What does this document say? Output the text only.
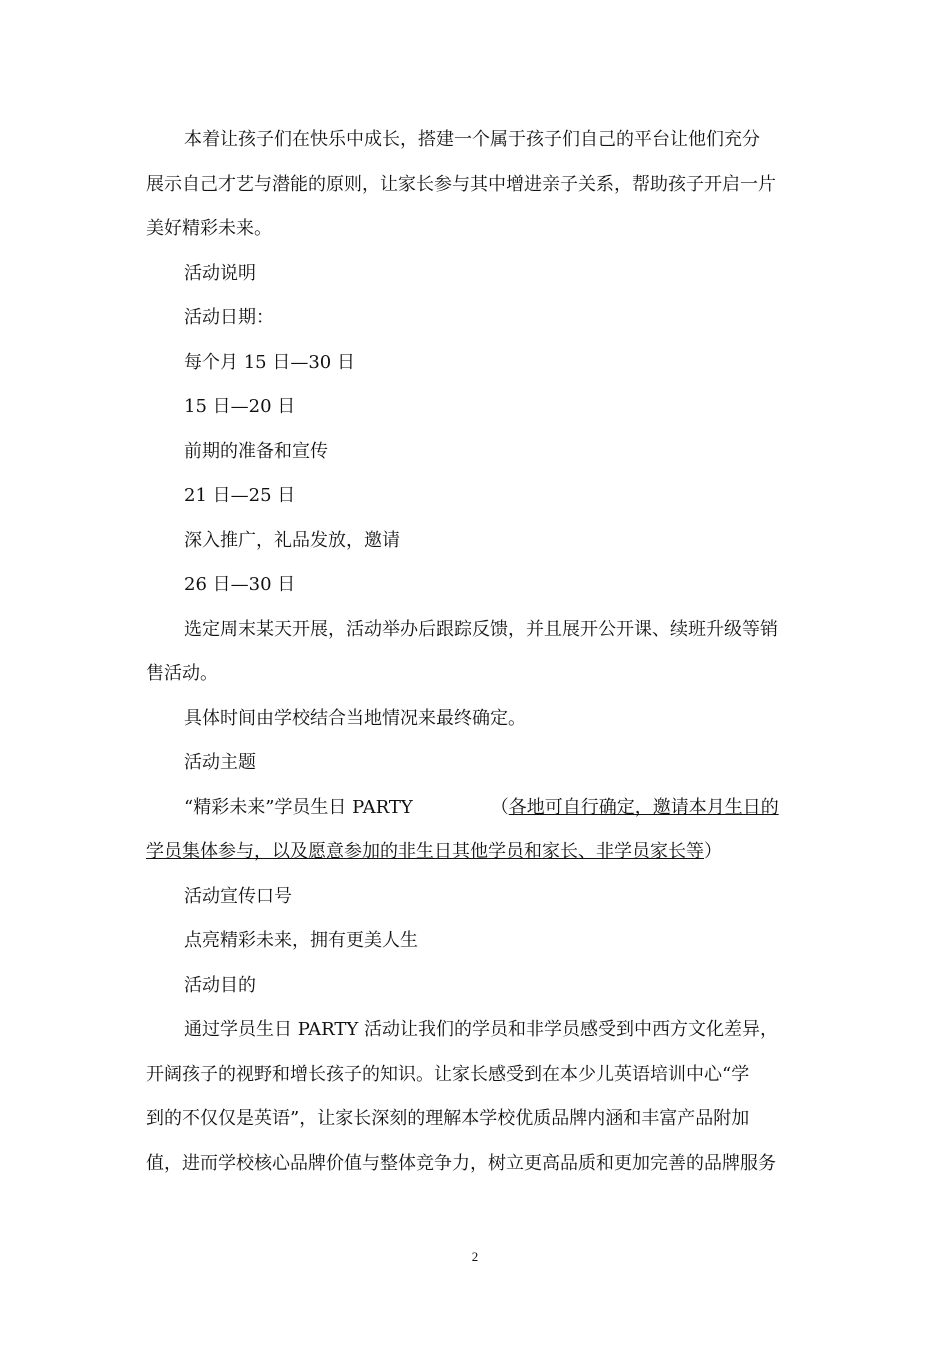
本着让孩子们在快乐中成长，搭建一个属于孩子们自己的平台让他们充分

展示自己才艺与潜能的原则，让家长参与其中增进亲子关系，帮助孩子开启一片

美好精彩未来。

活动说明

活动日期：

每个月 15 日—30 日

15 日—20 日

前期的准备和宣传

21 日—25 日

深入推广，礼品发放，邀请

26 日—30 日

选定周末某天开展，活动举办后跟踪反馈，并且展开公开课、续班升级等销

售活动。

具体时间由学校结合当地情况来最终确定。

活动主题

“精彩未来”学员生日 PARTY	（各地可自行确定，邀请本月生日的

学员集体参与，以及愿意参加的非生日其他学员和家长、非学员家长等）

活动宣传口号

点亮精彩未来，拥有更美人生

活动目的

通过学员生日 PARTY 活动让我们的学员和非学员感受到中西方文化差异，

开阔孩子的视野和增长孩子的知识。让家长感受到在本少儿英语培训中心“学

到的不仅仅是英语”，让家长深刻的理解本学校优质品牌内涵和丰富产品附加

值，进而学校核心品牌价值与整体竞争力，树立更高品质和更加完善的品牌服务

2
